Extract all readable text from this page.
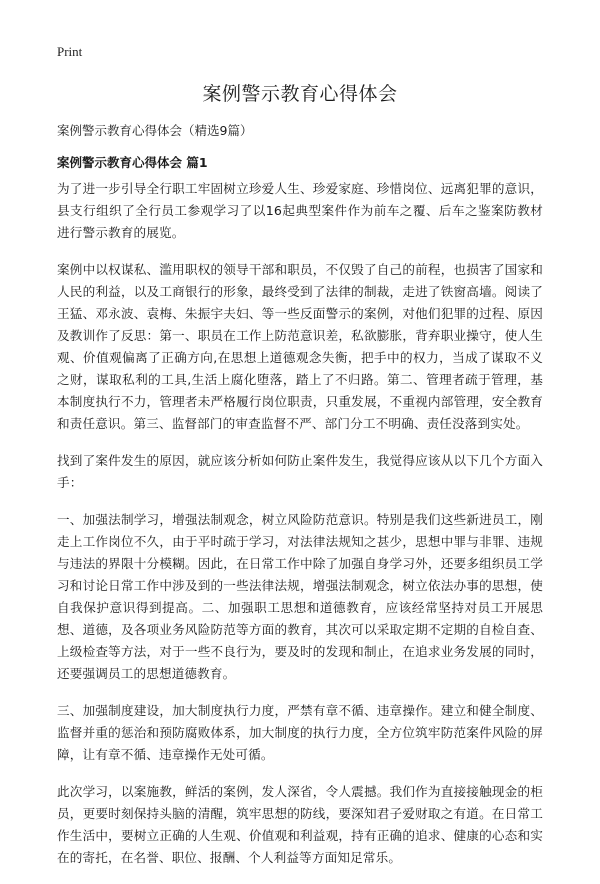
Print
案例警示教育心得体会
案例警示教育心得体会（精选9篇）
案例警示教育心得体会 篇1

为了进一步引导全行职工牢固树立珍爱人生、珍爱家庭、珍惜岗位、远离犯罪的意识，县支行组织了全行员工参观学习了以16起典型案件作为前车之覆、后车之鉴案防教材进行警示教育的展览。

案例中以权谋私、滥用职权的领导干部和职员，不仅毁了自己的前程，也损害了国家和人民的利益，以及工商银行的形象，最终受到了法律的制裁，走进了铁窗高墙。阅读了王猛、邓永波、袁梅、朱振宇夫妇、等一些反面警示的案例，对他们犯罪的过程、原因及教训作了反思：第一、职员在工作上防范意识差，私欲膨胀，背弃职业操守，使人生观、价值观偏离了正确方向,在思想上道德观念失衡，把手中的权力，当成了谋取不义之财，谋取私利的工具,生活上腐化堕落，踏上了不归路。第二、管理者疏于管理，基本制度执行不力，管理者未严格履行岗位职责，只重发展，不重视内部管理，安全教育和责任意识。第三、监督部门的审查监督不严、部门分工不明确、责任没落到实处。

找到了案件发生的原因，就应该分析如何防止案件发生，我觉得应该从以下几个方面入手：

一、加强法制学习，增强法制观念，树立风险防范意识。特别是我们这些新进员工，刚走上工作岗位不久，由于平时疏于学习，对法律法规知之甚少，思想中罪与非罪、违规与违法的界限十分模糊。因此，在日常工作中除了加强自身学习外，还要多组织员工学习和讨论日常工作中涉及到的一些法律法规，增强法制观念，树立依法办事的思想，使自我保护意识得到提高。二、加强职工思想和道德教育，应该经常坚持对员工开展思想、道德，及各项业务风险防范等方面的教育，其次可以采取定期不定期的自检自查、上级检查等方法，对于一些不良行为，要及时的发现和制止，在追求业务发展的同时，还要强调员工的思想道德教育。

三、加强制度建设，加大制度执行力度，严禁有章不循、违章操作。建立和健全制度、监督并重的惩治和预防腐败体系，加大制度的执行力度，全方位筑牢防范案件风险的屏障，让有章不循、违章操作无处可循。

此次学习，以案施教，鲜活的案例，发人深省，令人震撼。我们作为直接接触现金的柜员，更要时刻保持头脑的清醒，筑牢思想的防线，要深知君子爱财取之有道。在日常工作生活中，要树立正确的人生观、价值观和利益观，持有正确的追求、健康的心态和实在的寄托，在名誉、职位、报酬、个人利益等方面知足常乐。
